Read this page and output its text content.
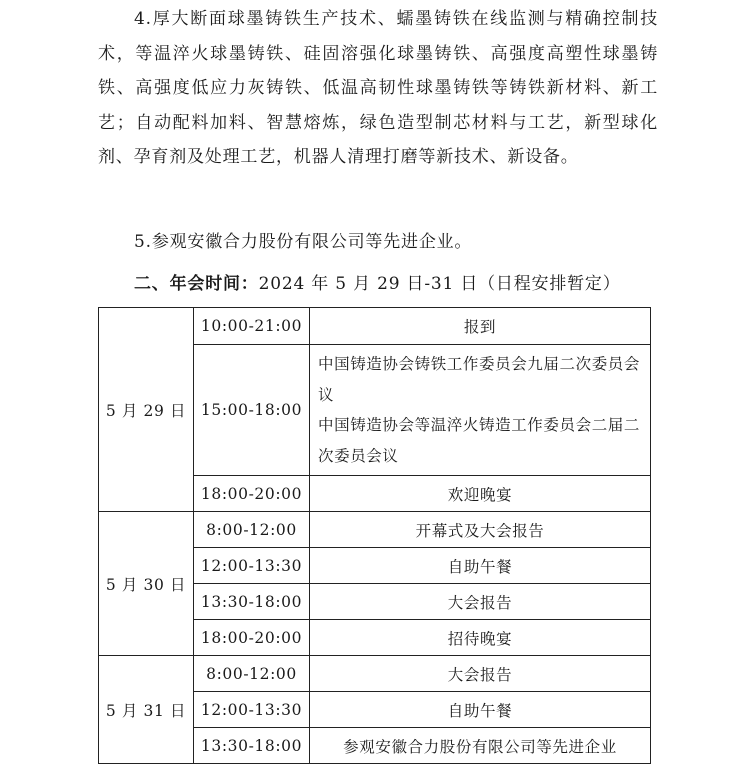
4.厚大断面球墨铸铁生产技术、蠕墨铸铁在线监测与精确控制技术，等温淬火球墨铸铁、硅固溶强化球墨铸铁、高强度高塑性球墨铸铁、高强度低应力灰铸铁、低温高韧性球墨铸铁等铸铁新材料、新工艺；自动配料加料、智慧熔炼，绿色造型制芯材料与工艺，新型球化剂、孕育剂及处理工艺，机器人清理打磨等新技术、新设备。

5.参观安徽合力股份有限公司等先进企业。

二、年会时间：2024 年 5 月 29 日-31 日（日程安排暂定）

5 月 29 日	10:00-21:00	报到
	15:00-18:00	中国铸造协会铸铁工作委员会九届二次委员会议
中国铸造协会等温淬火铸造工作委员会二届二次委员会议

	18:00-20:00	欢迎晚宴
5 月 30 日	8:00-12:00	开幕式及大会报告
	12:00-13:30	自助午餐
	13:30-18:00	大会报告
	18:00-20:00	招待晚宴
5 月 31 日	8:00-12:00	大会报告
	12:00-13:30	自助午餐
	13:30-18:00	参观安徽合力股份有限公司等先进企业
